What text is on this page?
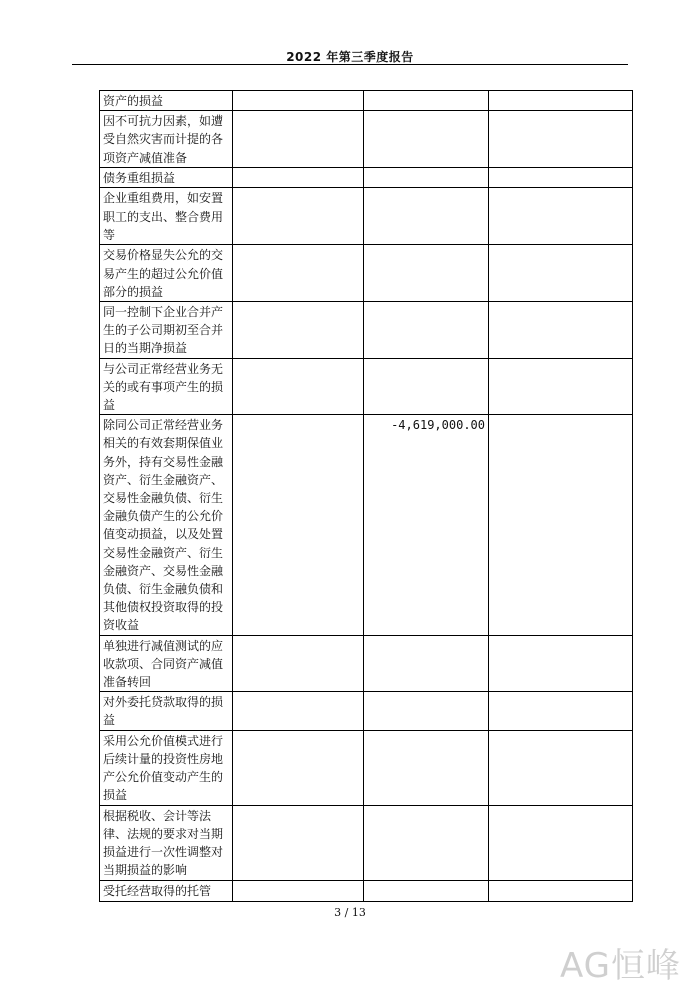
2022 年第三季度报告
资产的损益			
因不可抗力因素，如遭受自然灾害而计提的各项资产减值准备			
债务重组损益			
企业重组费用，如安置职工的支出、整合费用等			
交易价格显失公允的交易产生的超过公允价值部分的损益			
同一控制下企业合并产生的子公司期初至合并日的当期净损益			
与公司正常经营业务无关的或有事项产生的损益			
除同公司正常经营业务相关的有效套期保值业务外，持有交易性金融资产、衍生金融资产、交易性金融负债、衍生金融负债产生的公允价值变动损益，以及处置交易性金融资产、衍生金融资产、交易性金融负债、衍生金融负债和其他债权投资取得的投资收益		-4,619,000.00	
单独进行减值测试的应收款项、合同资产减值准备转回			
对外委托贷款取得的损益			
采用公允价值模式进行后续计量的投资性房地产公允价值变动产生的损益			
根据税收、会计等法律、法规的要求对当期损益进行一次性调整对当期损益的影响			
受托经营取得的托管			
3 / 13
AG恒峰
